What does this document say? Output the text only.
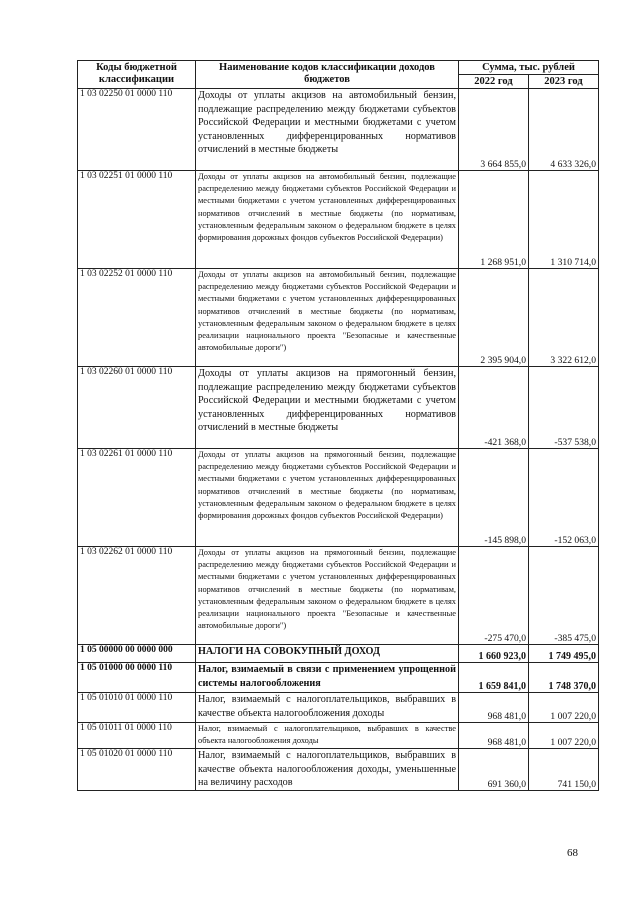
Коды бюджетной классификации	Наименование кодов классификации доходов бюджетов	Сумма, тыс. рублей	
		2022 год	2023 год
1 03 02250 01 0000 110	Доходы от уплаты акцизов на автомобильный бензин, подлежащие распределению между бюджетами субъектов Российской Федерации и местными бюджетами с учетом установленных дифференцированных нормативов отчислений в местные бюджеты	3 664 855,0	4 633 326,0
1 03 02251 01 0000 110	Доходы от уплаты акцизов на автомобильный бензин, подлежащие распределению между бюджетами субъектов Российской Федерации и местными бюджетами с учетом установленных дифференцированных нормативов отчислений в местные бюджеты (по нормативам, установленным федеральным законом о федеральном бюджете в целях формирования дорожных фондов субъектов Российской Федерации)	1 268 951,0	1 310 714,0
1 03 02252 01 0000 110	Доходы от уплаты акцизов на автомобильный бензин, подлежащие распределению между бюджетами субъектов Российской Федерации и местными бюджетами с учетом установленных дифференцированных нормативов отчислений в местные бюджеты (по нормативам, установленным федеральным законом о федеральном бюджете в целях реализации национального проекта "Безопасные и качественные автомобильные дороги")	2 395 904,0	3 322 612,0
1 03 02260 01 0000 110	Доходы от уплаты акцизов на прямогонный бензин, подлежащие распределению между бюджетами субъектов Российской Федерации и местными бюджетами с учетом установленных дифференцированных нормативов отчислений в местные бюджеты	-421 368,0	-537 538,0
1 03 02261 01 0000 110	Доходы от уплаты акцизов на прямогонный бензин, подлежащие распределению между бюджетами субъектов Российской Федерации и местными бюджетами с учетом установленных дифференцированных нормативов отчислений в местные бюджеты (по нормативам, установленным федеральным законом о федеральном бюджете в целях формирования дорожных фондов субъектов Российской Федерации)	-145 898,0	-152 063,0
1 03 02262 01 0000 110	Доходы от уплаты акцизов на прямогонный бензин, подлежащие распределению между бюджетами субъектов Российской Федерации и местными бюджетами с учетом установленных дифференцированных нормативов отчислений в местные бюджеты (по нормативам, установленным федеральным законом о федеральном бюджете в целях реализации национального проекта "Безопасные и качественные автомобильные дороги")	-275 470,0	-385 475,0
1 05 00000 00 0000 000	НАЛОГИ НА СОВОКУПНЫЙ ДОХОД	1 660 923,0	1 749 495,0
1 05 01000 00 0000 110	Налог, взимаемый в связи с применением упрощенной системы налогообложения	1 659 841,0	1 748 370,0
1 05 01010 01 0000 110	Налог, взимаемый с налогоплательщиков, выбравших в качестве объекта налогообложения доходы	968 481,0	1 007 220,0
1 05 01011 01 0000 110	Налог, взимаемый с налогоплательщиков, выбравших в качестве объекта налогообложения доходы	968 481,0	1 007 220,0
1 05 01020 01 0000 110	Налог, взимаемый с налогоплательщиков, выбравших в качестве объекта налогообложения доходы, уменьшенные на величину расходов	691 360,0	741 150,0
68
